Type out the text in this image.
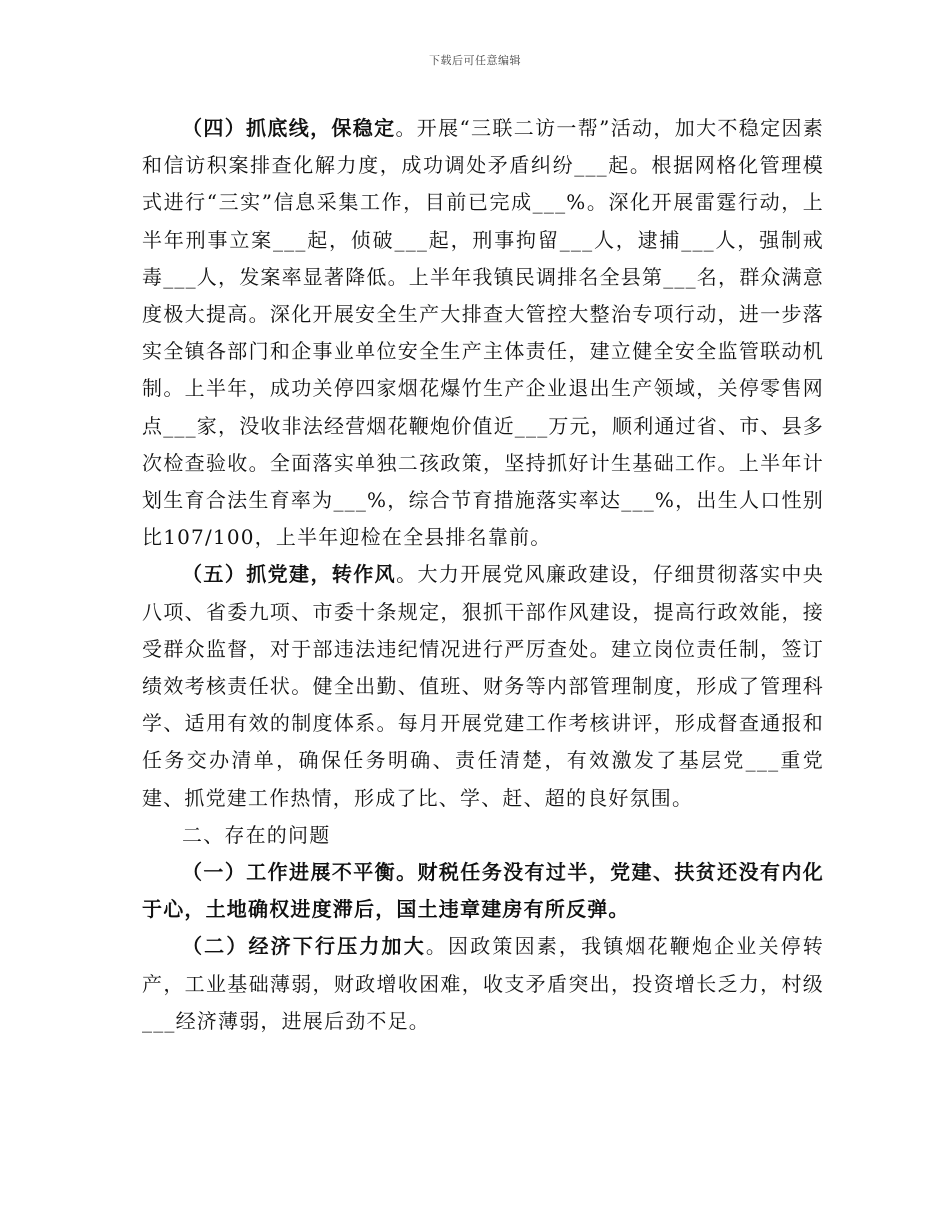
下载后可任意编辑

（四）抓底线，保稳定。开展“三联二访一帮”活动，加大不稳定因素和信访积案排查化解力度，成功调处矛盾纠纷___起。根据网格化管理模式进行“三实”信息采集工作，目前已完成___%。深化开展雷霆行动，上半年刑事立案___起，侦破___起，刑事拘留___人，逮捕___人，强制戒毒___人，发案率显著降低。上半年我镇民调排名全县第___名，群众满意度极大提高。深化开展安全生产大排查大管控大整治专项行动，进一步落实全镇各部门和企事业单位安全生产主体责任，建立健全安全监管联动机制。上半年，成功关停四家烟花爆竹生产企业退出生产领域，关停零售网点___家，没收非法经营烟花鞭炮价值近___万元，顺利通过省、市、县多次检查验收。全面落实单独二孩政策，坚持抓好计生基础工作。上半年计划生育合法生育率为___%，综合节育措施落实率达___%，出生人口性别比107/100，上半年迎检在全县排名靠前。

（五）抓党建，转作风。大力开展党风廉政建设，仔细贯彻落实中央八项、省委九项、市委十条规定，狠抓干部作风建设，提高行政效能，接受群众监督，对于部违法违纪情况进行严厉查处。建立岗位责任制，签订绩效考核责任状。健全出勤、值班、财务等内部管理制度，形成了管理科学、适用有效的制度体系。每月开展党建工作考核讲评，形成督查通报和任务交办清单，确保任务明确、责任清楚，有效激发了基层党___重党建、抓党建工作热情，形成了比、学、赶、超的良好氛围。

二、存在的问题

（一）工作进展不平衡。财税任务没有过半，党建、扶贫还没有内化于心，土地确权进度滞后，国土违章建房有所反弹。

（二）经济下行压力加大。因政策因素，我镇烟花鞭炮企业关停转产，工业基础薄弱，财政增收困难，收支矛盾突出，投资增长乏力，村级___经济薄弱，进展后劲不足。
